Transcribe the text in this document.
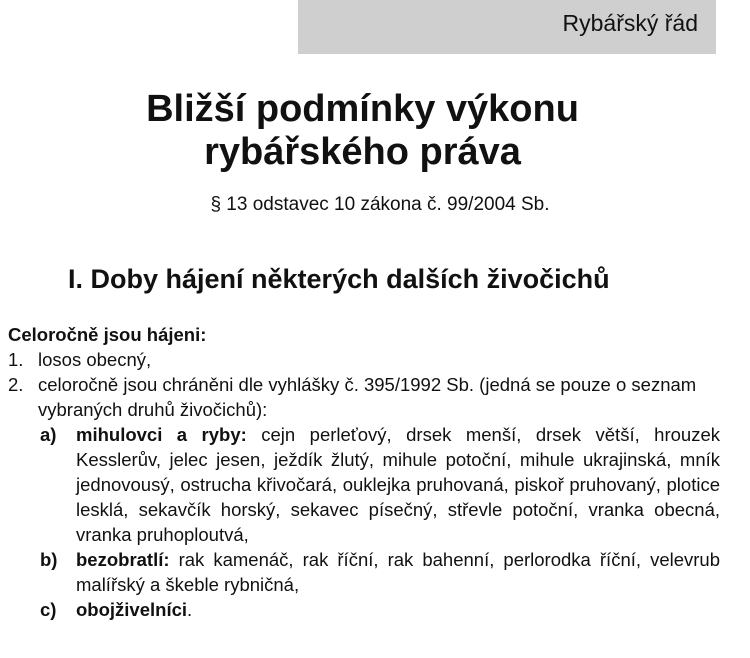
Rybářský řád
Bližší podmínky výkonu
rybářského práva
§ 13 odstavec 10 zákona č. 99/2004 Sb.
I. Doby hájení některých dalších živočichů
Celoročně jsou hájeni:
1. losos obecný,
2. celoročně jsou chráněni dle vyhlášky č. 395/1992 Sb. (jedná se pouze o seznam vybraných druhů živočichů):
a) mihulovci a ryby: cejn perleťový, drsek menší, drsek větší, hrouzek Kesslerův, jelec jesen, ježdík žlutý, mihule potoční, mihule ukrajinská, mník jednovousý, ostrucha křivočará, ouklejka pruhovaná, piskoř pruhovaný, plotice lesklá, sekavčík horský, sekavec písečný, střevle potoční, vranka obecná, vranka pruhoploutvá,
b) bezobratlí: rak kamenáč, rak říční, rak bahenní, perlorodka říční, velevrub malířský a škeble rybničná,
c) obojživelníci.
